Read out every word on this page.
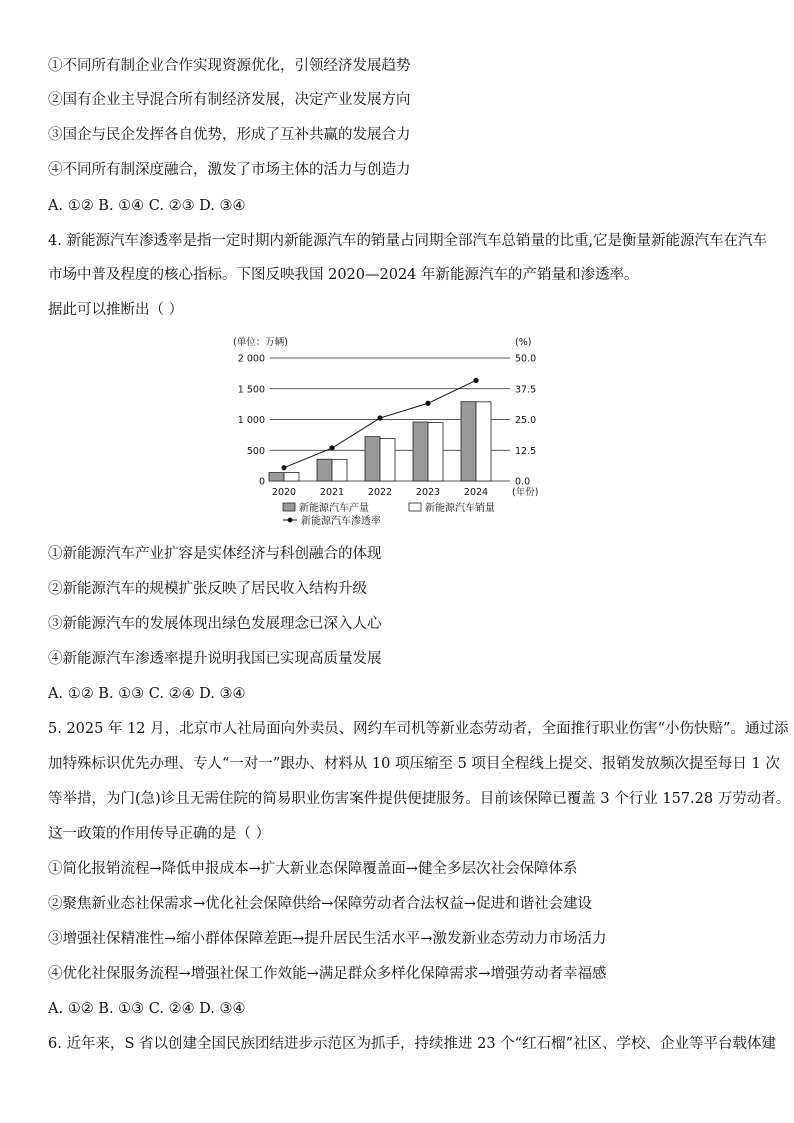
①不同所有制企业合作实现资源优化，引领经济发展趋势
②国有企业主导混合所有制经济发展，决定产业发展方向
③国企与民企发挥各自优势，形成了互补共赢的发展合力
④不同所有制深度融合，激发了市场主体的活力与创造力
A. ①② B. ①④ C. ②③ D. ③④
4. 新能源汽车渗透率是指一定时期内新能源汽车的销量占同期全部汽车总销量的比重,它是衡量新能源汽车在汽车
市场中普及程度的核心指标。下图反映我国 2020—2024 年新能源汽车的产销量和渗透率。
据此可以推断出（ ）
0
500
1 000
1 500
2 000
0.0
12.5
25.0
37.5
50.0
(单位：万辆)	(%)
2020	2021	2022	2023	2024	(年份)
新能源汽车产量	新能源汽车销量
新能源汽车渗透率
①新能源汽车产业扩容是实体经济与科创融合的体现
②新能源汽车的规模扩张反映了居民收入结构升级
③新能源汽车的发展体现出绿色发展理念已深入人心
④新能源汽车渗透率提升说明我国已实现高质量发展
A. ①② B. ①③ C. ②④ D. ③④
5. 2025 年 12 月，北京市人社局面向外卖员、网约车司机等新业态劳动者，全面推行职业伤害“小伤快赔”。通过添
加特殊标识优先办理、专人“一对一”跟办、材料从 10 项压缩至 5 项目全程线上提交、报销发放频次提至每日 1 次
等举措，为门(急)诊且无需住院的简易职业伤害案件提供便捷服务。目前该保障已覆盖 3 个行业 157.28 万劳动者。
这一政策的作用传导正确的是（ ）
①简化报销流程→降低申报成本→扩大新业态保障覆盖面→健全多层次社会保障体系
②聚焦新业态社保需求→优化社会保障供给→保障劳动者合法权益→促进和谐社会建设
③增强社保精准性→缩小群体保障差距→提升居民生活水平→激发新业态劳动力市场活力
④优化社保服务流程→增强社保工作效能→满足群众多样化保障需求→增强劳动者幸福感
A. ①② B. ①③ C. ②④ D. ③④
6. 近年来，S 省以创建全国民族团结进步示范区为抓手，持续推进 23 个“红石榴”社区、学校、企业等平台载体建
